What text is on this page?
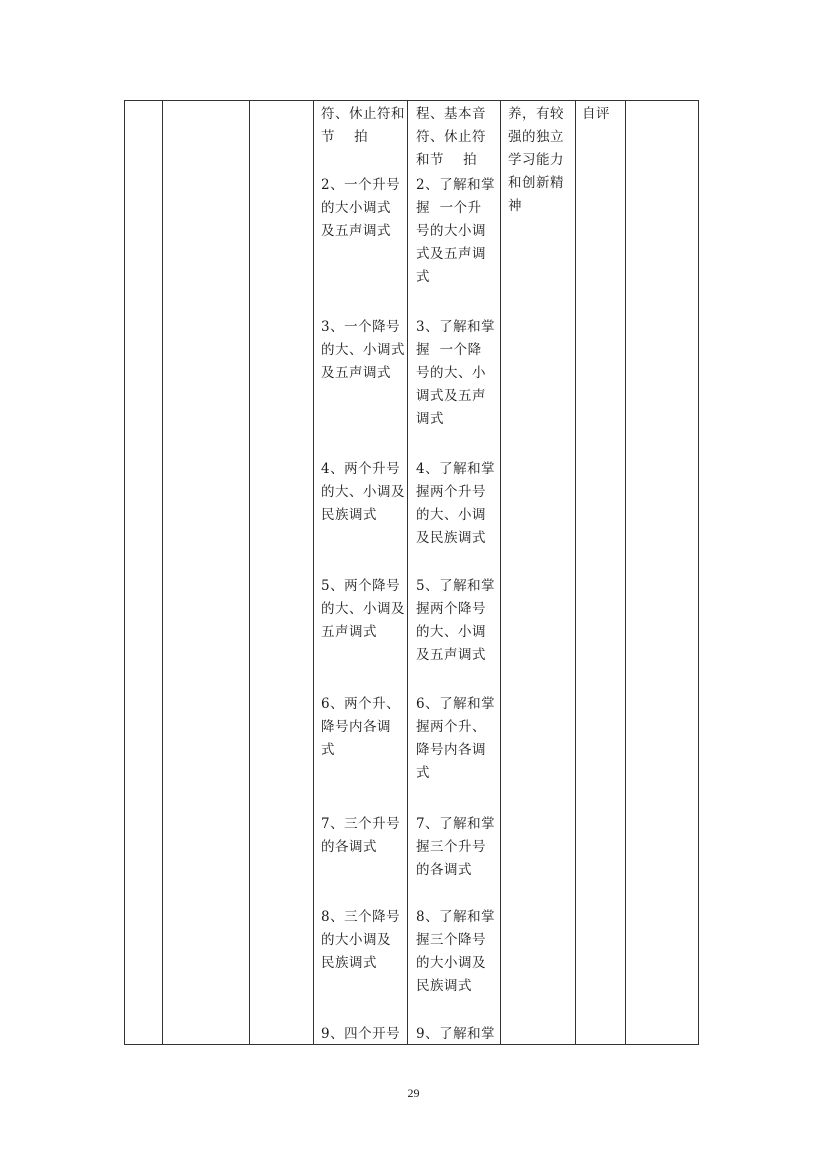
符、休止符和
节    拍
2、一个升号
的大小调式
及五声调式
3、一个降号
的大、小调式
及五声调式
4、两个升号
的大、小调及
民族调式
5、两个降号
的大、小调及
五声调式
6、两个升、
降号内各调
式
7、三个升号
的各调式
8、三个降号
的大小调及
民族调式
9、四个开号
程、基本音
符、休止符
和节    拍
2、了解和掌
握  一个升
号的大小调
式及五声调
式
3、了解和掌
握  一个降
号的大、小
调式及五声
调式
4、了解和掌
握两个升号
的大、小调
及民族调式
5、了解和掌
握两个降号
的大、小调
及五声调式
6、了解和掌
握两个升、
降号内各调
式
7、了解和掌
握三个升号
的各调式
8、了解和掌
握三个降号
的大小调及
民族调式
9、了解和掌
养，有较
强的独立
学习能力
和创新精
神
自评
29
